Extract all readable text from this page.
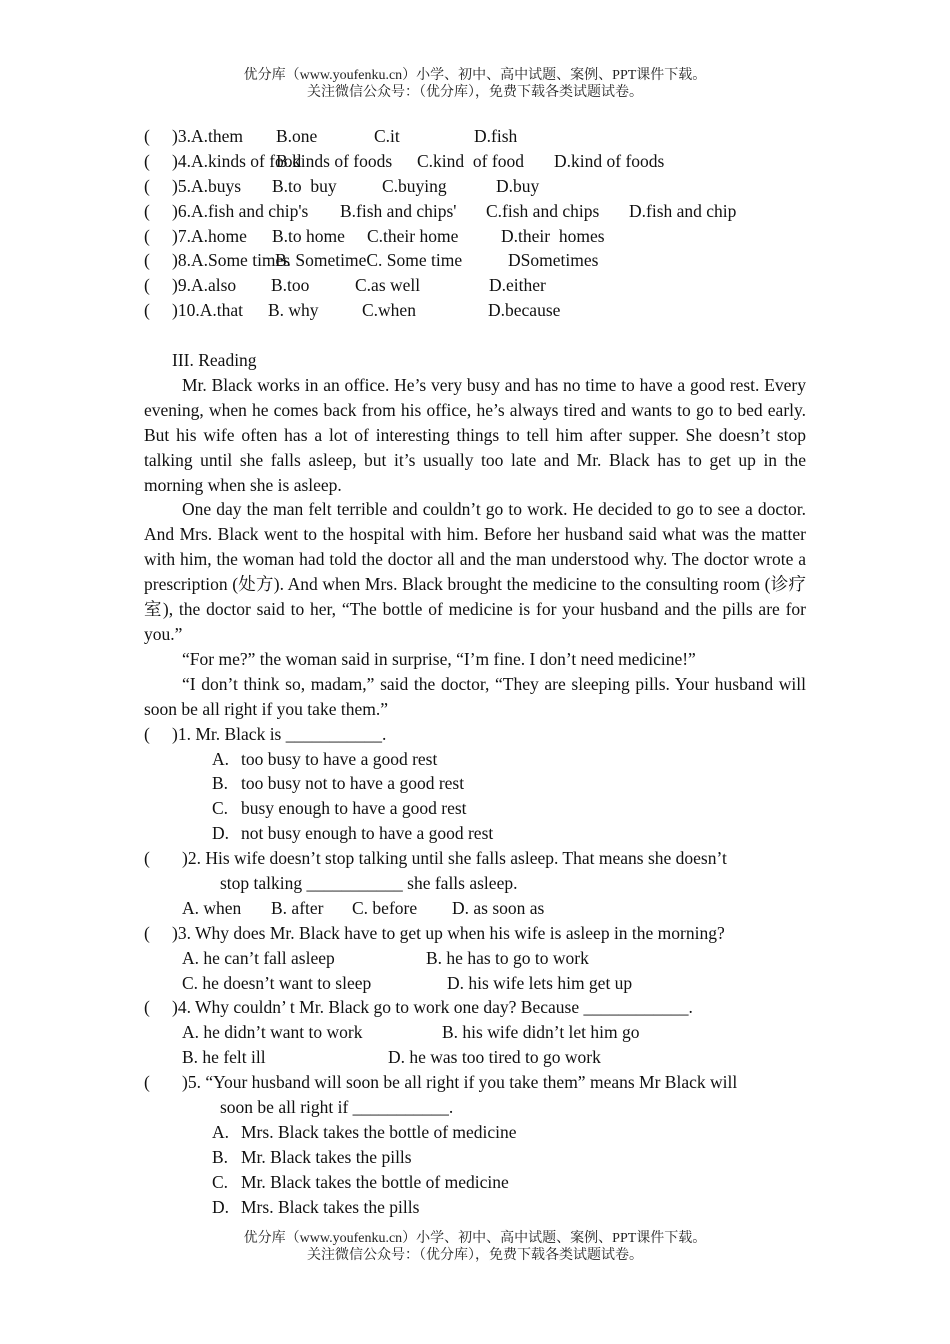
优分库（www.youfenku.cn）小学、初中、高中试题、案例、PPT课件下载。
关注微信公众号：（优分库），免费下载各类试题试卷。
( )3.A.them B.one	C.it	D.fish
( )4.A.kinds of foodB.kinds of foods C.kind  of food D.kind of foods
( )5.A.buys B.to  buy	C.buying	D.buy
( )6.A.fish and chip's B.fish and chips' C.fish and chips D.fish and chip
( )7.A.home B.to home C.their home D.their  homes
( )8.A.Some timesB. SometimeC. Some time	DSometimes
( )9.A.also B.too	C.as well	D.either
( )10.A.that B. why C.when	D.because
III. Reading

Mr. Black works in an office. He’s very busy and has no time to have a good rest. Every evening, when he comes back from his office, he’s always tired and wants to go to bed early. But his wife often has a lot of interesting things to tell him after supper. She doesn’t stop talking until she falls asleep, but it’s usually too late and Mr. Black has to get up in the morning when she is asleep.

One day the man felt terrible and couldn’t go to work. He decided to go to see a doctor. And Mrs. Black went to the hospital with him. Before her husband said what was the matter with him, the woman had told the doctor all and the man understood why. The doctor wrote a prescription (处方). And when Mrs. Black brought the medicine to the consulting room (诊疗室), the doctor said to her, “The bottle of medicine is for your husband and the pills are for you.”

“For me?” the woman said in surprise, “I’m fine. I don’t need medicine!”

“I don’t think so, madam,” said the doctor, “They are sleeping pills. Your husband will soon be all right if you take them.”

( )1. Mr. Black is ___________.
A. too busy to have a good rest
B. too busy not to have a good rest
C. busy enough to have a good rest
D. not busy enough to have a good rest
( )2. His wife doesn’t stop talking until she falls asleep. That means she doesn’t
stop talking ___________ she falls asleep.
A. when	B. after	C. before	D. as soon as
( )3. Why does Mr. Black have to get up when his wife is asleep in the morning?
A. he can’t fall asleep	B. he has to go to work
C. he doesn’t want to sleep	D. his wife lets him get up
( )4. Why couldn’ t Mr. Black go to work one day? Because ____________.
A. he didn’t want to work	B. his wife didn’t let him go
B. he felt ill	D. he was too tired to go work
( )5. “Your husband will soon be all right if you take them” means Mr Black will
soon be all right if ___________.
A. Mrs. Black takes the bottle of medicine
B. Mr. Black takes the pills
C. Mr. Black takes the bottle of medicine
D. Mrs. Black takes the pills
优分库（www.youfenku.cn）小学、初中、高中试题、案例、PPT课件下载。
关注微信公众号：（优分库），免费下载各类试题试卷。
